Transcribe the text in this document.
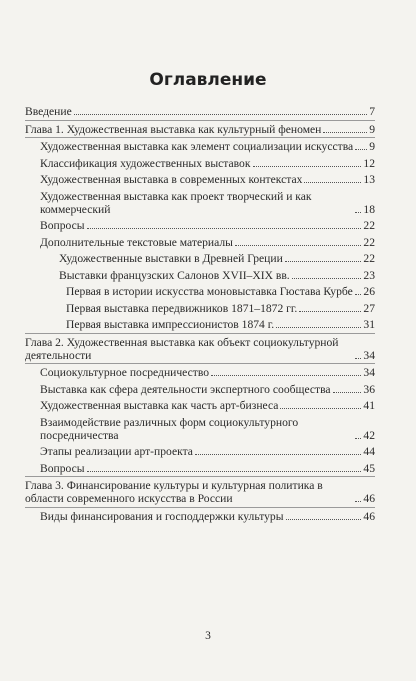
Оглавление
Введение	7
Глава 1. Художественная выставка как культурный феномен	9
Художественная выставка как элемент социализации искусства 9
Классификация художественных выставок	12
Художественная выставка в современных контекстах	13
Художественная выставка как проект творческий и как коммерческий	18
Вопросы	22
Дополнительные текстовые материалы	22
Художественные выставки в Древней Греции	22
Выставки французских Салонов XVII–XIX вв.	23
Первая в истории искусства моновыставка Гюстава Курбе 26
Первая выставка передвижников 1871–1872 гг.	27
Первая выставка импрессионистов 1874 г.	31
Глава 2. Художественная выставка как объект социокультурной деятельности	34
Социокультурное посредничество	34
Выставка как сфера деятельности экспертного сообщества	36
Художественная выставка как часть арт-бизнеса	41
Взаимодействие различных форм социокультурного посредничества	42
Этапы реализации арт-проекта	44
Вопросы	45
Глава 3. Финансирование культуры и культурная политика в области современного искусства в России	46
Виды финансирования и господдержки культуры	46
3
